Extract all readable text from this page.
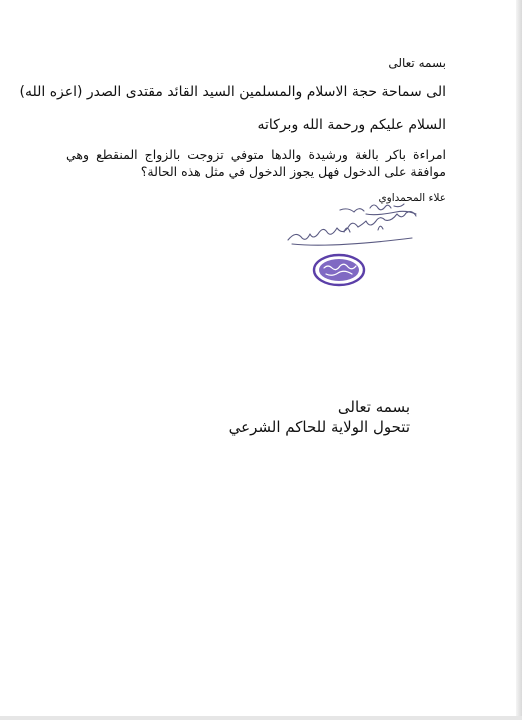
بسمه تعالى
الى سماحة حجة الاسلام والمسلمين السيد القائد مقتدى الصدر (اعزه الله)
السلام عليكم ورحمة الله وبركاته
امراءة باكر بالغة ورشيدة والدها متوفي تزوجت بالزواج المنقطع وهي موافقة على الدخول فهل يجوز الدخول في مثل هذه الحالة؟
علاء المحمداوي
بسمه تعالى
تتحول الولاية للحاكم الشرعي
